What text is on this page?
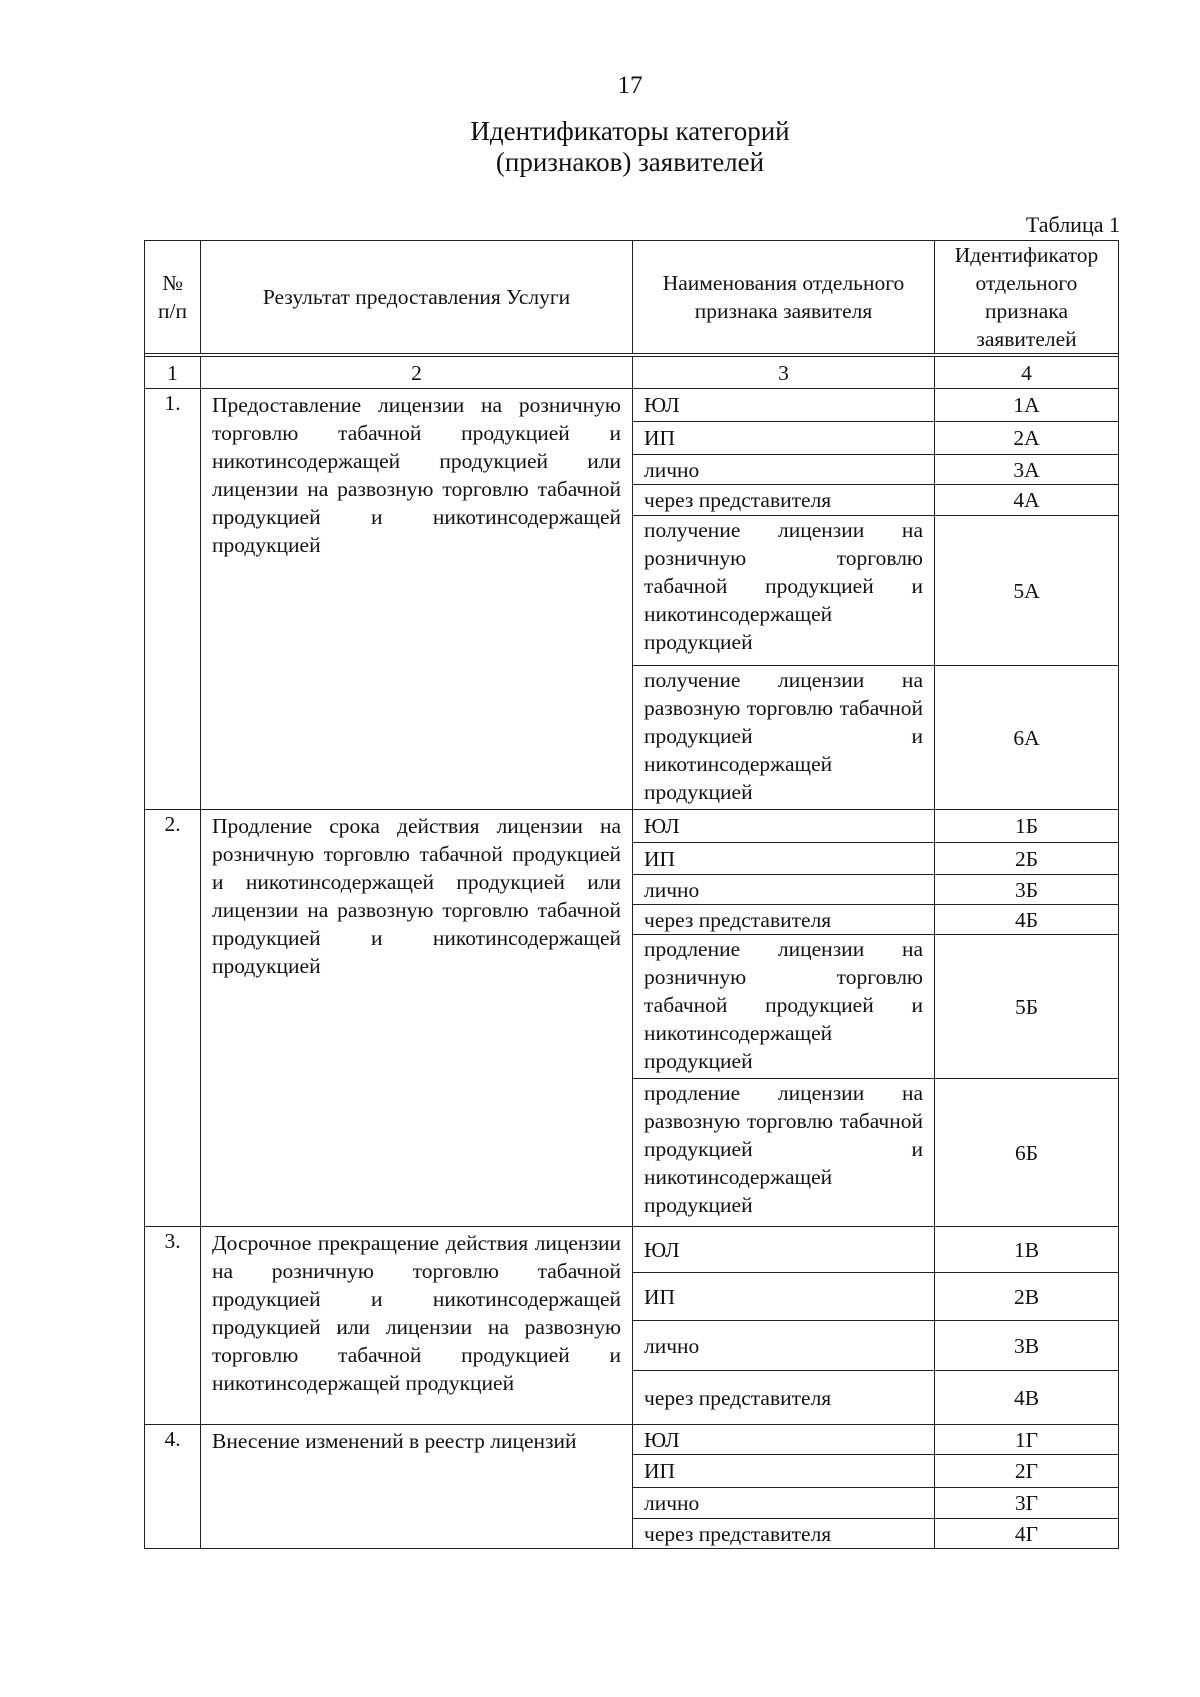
17
Идентификаторы категорий
(признаков) заявителей
Таблица 1
№ п/п	Результат предоставления Услуги	Наименования отдельного признака заявителя	Идентификатор отдельного признака заявителей

1	2	3	4
1.	Предоставление лицензии на розничную торговлю табачной продукцией и никотинсодержащей продукцией или лицензии на развозную торговлю табачной продукцией и никотинсодержащей продукцией	ЮЛ	1А
		ИП	2А
		лично	3А
		через представителя	4А
		получение лицензии на розничную торговлю табачной продукцией и никотинсодержащей продукцией	5А
		получение лицензии на развозную торговлю табачной продукцией и никотинсодержащей продукцией	6А
2.	Продление срока действия лицензии на розничную торговлю табачной продукцией и никотинсодержащей продукцией или лицензии на развозную торговлю табачной продукцией и никотинсодержащей продукцией	ЮЛ	1Б
		ИП	2Б
		лично	3Б
		через представителя	4Б
		продление лицензии на розничную торговлю табачной продукцией и никотинсодержащей продукцией	5Б
		продление лицензии на развозную торговлю табачной продукцией и никотинсодержащей продукцией	6Б
3.	Досрочное прекращение действия лицензии на розничную торговлю табачной продукцией и никотинсодержащей продукцией или лицензии на развозную торговлю табачной продукцией и никотинсодержащей продукцией	ЮЛ	1В
		ИП	2В
		лично	3В
		через представителя	4В
4.	Внесение изменений в реестр лицензий	ЮЛ	1Г
		ИП	2Г
		лично	3Г
		через представителя	4Г
